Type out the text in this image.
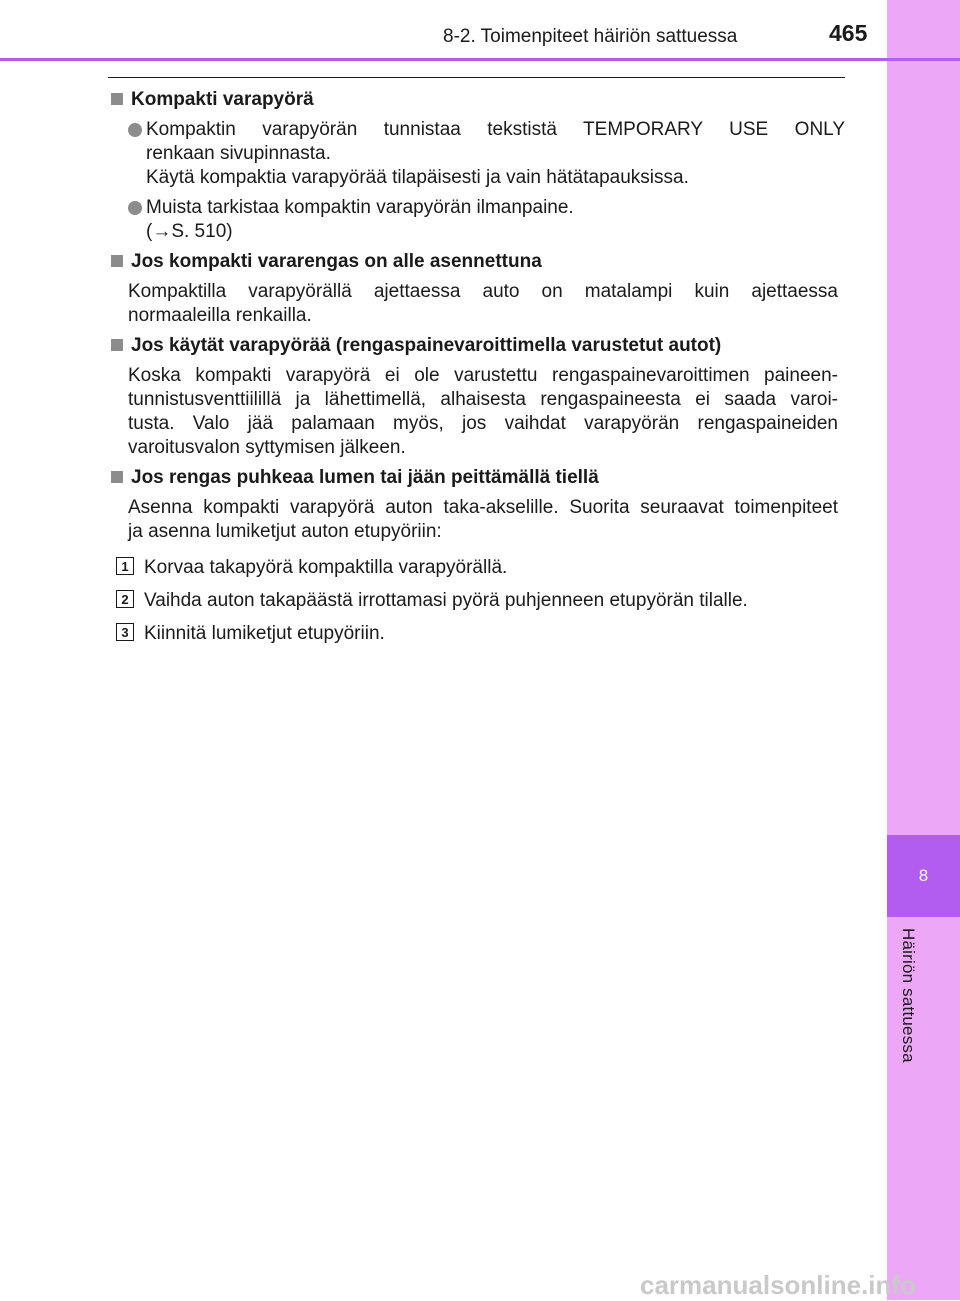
8
Häiriön sattuessa
8-2. Toimenpiteet häiriön sattuessa	465
Kompakti varapyörä
Kompaktin varapyörän tunnistaa tekstistä TEMPORARY USE ONLY
renkaan sivupinnasta.
Käytä kompaktia varapyörää tilapäisesti ja vain hätätapauksissa.
Muista tarkistaa kompaktin varapyörän ilmanpaine.
(→S. 510)
Jos kompakti vararengas on alle asennettuna
Kompaktilla varapyörällä ajettaessa auto on matalampi kuin ajettaessa
normaaleilla renkailla.
Jos käytät varapyörää (rengaspainevaroittimella varustetut autot)
Koska kompakti varapyörä ei ole varustettu rengaspainevaroittimen paineen-
tunnistusventtiilillä ja lähettimellä, alhaisesta rengaspaineesta ei saada varoi-
tusta. Valo jää palamaan myös, jos vaihdat varapyörän rengaspaineiden
varoitusvalon syttymisen jälkeen.
Jos rengas puhkeaa lumen tai jään peittämällä tiellä
Asenna kompakti varapyörä auton taka-akselille. Suorita seuraavat toimenpiteet
ja asenna lumiketjut auton etupyöriin:
1 Korvaa takapyörä kompaktilla varapyörällä.
2 Vaihda auton takapäästä irrottamasi pyörä puhjenneen etupyörän tilalle.
3 Kiinnitä lumiketjut etupyöriin.
carmanualsonline.info
